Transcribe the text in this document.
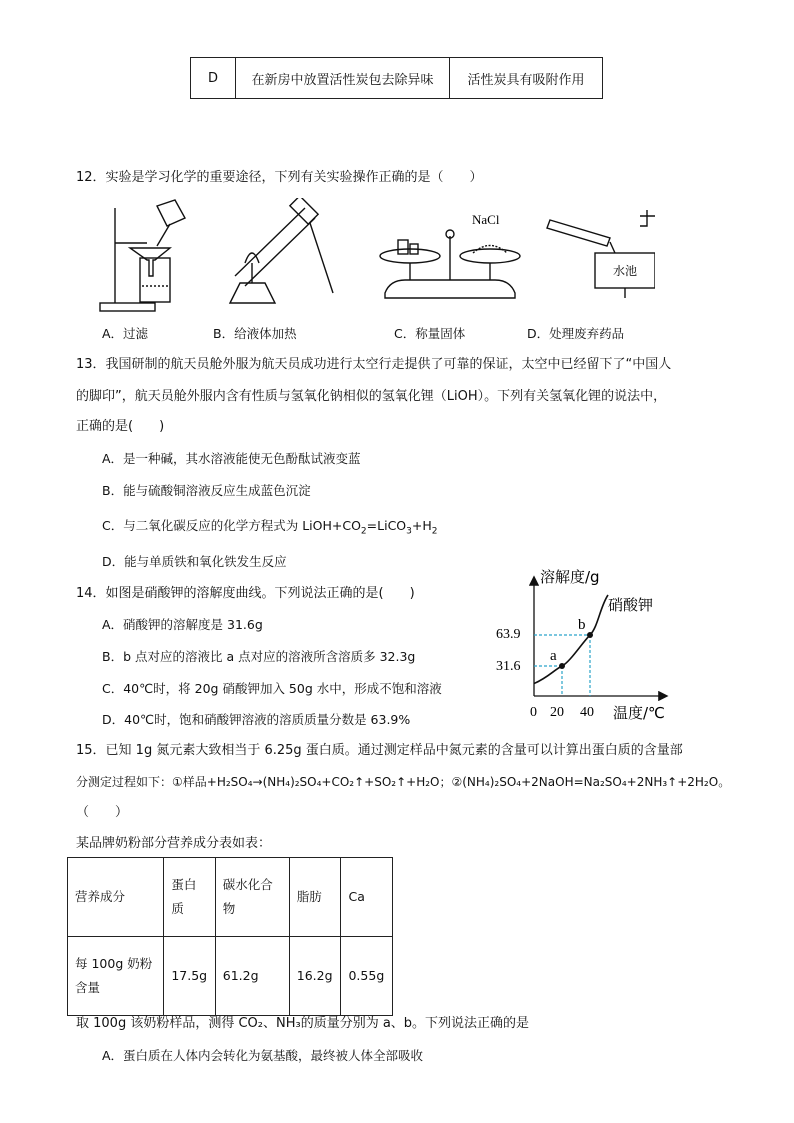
D	在新房中放置活性炭包去除异味	活性炭具有吸附作用
12．实验是学习化学的重要途径，下列有关实验操作正确的是（　　）
NaCl
水池
A．过滤	B．给液体加热	C．称量固体	D．处理废弃药品
13．我国研制的航天员舱外服为航天员成功进行太空行走提供了可靠的保证，太空中已经留下了“中国人
的脚印”，航天员舱外服内含有性质与氢氧化钠相似的氢氧化锂（LiOH）。下列有关氢氧化锂的说法中，
正确的是(　　)
A．是一种碱，其水溶液能使无色酚酞试液变蓝
B．能与硫酸铜溶液反应生成蓝色沉淀
C．与二氧化碳反应的化学方程式为 $LiOH+CO_2=LiCO_3+H_2$
D．能与单质铁和氧化铁发生反应
14．如图是硝酸钾的溶解度曲线。下列说法正确的是(　　)
A．硝酸钾的溶解度是 31.6g
B．b 点对应的溶液比 a 点对应的溶液所含溶质多 32.3g
C．40℃时，将 20g 硝酸钾加入 50g 水中，形成不饱和溶液
D．40℃时，饱和硝酸钾溶液的溶质质量分数是 63.9%
溶解度/g
温度/℃
硝酸钾
63.9
31.6
0 20 40
a
b
15．已知 1g 氮元素大致相当于 6.25g 蛋白质。通过测定样品中氮元素的含量可以计算出蛋白质的含量部
分测定过程如下：①样品+H₂SO₄→(NH₄)₂SO₄+CO₂↑+SO₂↑+H₂O；②(NH₄)₂SO₄+2NaOH=Na₂SO₄+2NH₃↑+2H₂O。
（　　）
某品牌奶粉部分营养成分表如表：
营养成分	蛋白质	碳水化合物	脂肪	Ca
每 100g 奶粉含量	17.5g	61.2g	16.2g	0.55g
取 100g 该奶粉样品，测得 CO₂、NH₃的质量分别为 a、b。下列说法正确的是
A．蛋白质在人体内会转化为氨基酸，最终被人体全部吸收
